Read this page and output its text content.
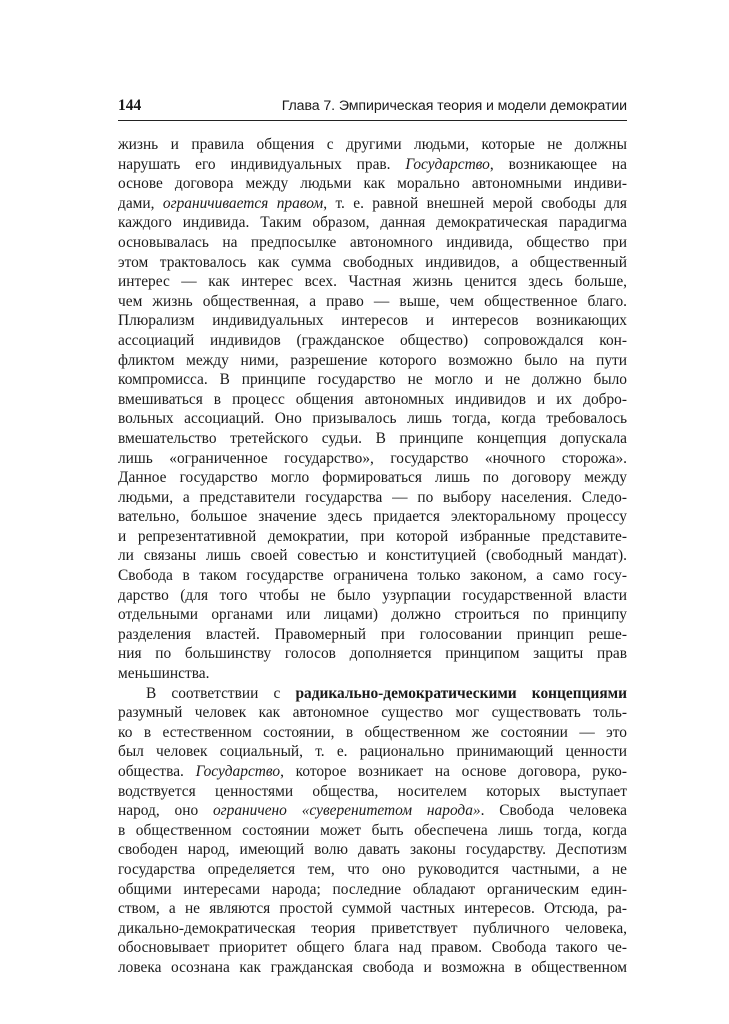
144	Глава 7. Эмпирическая теория и модели демократии
жизнь и правила общения с другими людьми, которые не должны
нарушать его индивидуальных прав. Государство, возникающее на
основе договора между людьми как морально автономными индиви-
дами, ограничивается правом, т. е. равной внешней мерой свободы для
каждого индивида. Таким образом, данная демократическая парадигма
основывалась на предпосылке автономного индивида, общество при
этом трактовалось как сумма свободных индивидов, а общественный
интерес — как интерес всех. Частная жизнь ценится здесь больше,
чем жизнь общественная, а право — выше, чем общественное благо.
Плюрализм индивидуальных интересов и интересов возникающих
ассоциаций индивидов (гражданское общество) сопровождался кон-
фликтом между ними, разрешение которого возможно было на пути
компромисса. В принципе государство не могло и не должно было
вмешиваться в процесс общения автономных индивидов и их добро-
вольных ассоциаций. Оно призывалось лишь тогда, когда требовалось
вмешательство третейского судьи. В принципе концепция допускала
лишь «ограниченное государство», государство «ночного сторожа».
Данное государство могло формироваться лишь по договору между
людьми, а представители государства — по выбору населения. Следо-
вательно, большое значение здесь придается электоральному процессу
и репрезентативной демократии, при которой избранные представите-
ли связаны лишь своей совестью и конституцией (свободный мандат).
Свобода в таком государстве ограничена только законом, а само госу-
дарство (для того чтобы не было узурпации государственной власти
отдельными органами или лицами) должно строиться по принципу
разделения властей. Правомерный при голосовании принцип реше-
ния по большинству голосов дополняется принципом защиты прав
меньшинства.
В соответствии с радикально-демократическими концепциями
разумный человек как автономное существо мог существовать толь-
ко в естественном состоянии, в общественном же состоянии — это
был человек социальный, т. е. рационально принимающий ценности
общества. Государство, которое возникает на основе договора, руко-
водствуется ценностями общества, носителем которых выступает
народ, оно ограничено «суверенитетом народа». Свобода человека
в общественном состоянии может быть обеспечена лишь тогда, когда
свободен народ, имеющий волю давать законы государству. Деспотизм
государства определяется тем, что оно руководится частными, а не
общими интересами народа; последние обладают органическим един-
ством, а не являются простой суммой частных интересов. Отсюда, ра-
дикально-демократическая теория приветствует публичного человека,
обосновывает приоритет общего блага над правом. Свобода такого че-
ловека осознана как гражданская свобода и возможна в общественном
